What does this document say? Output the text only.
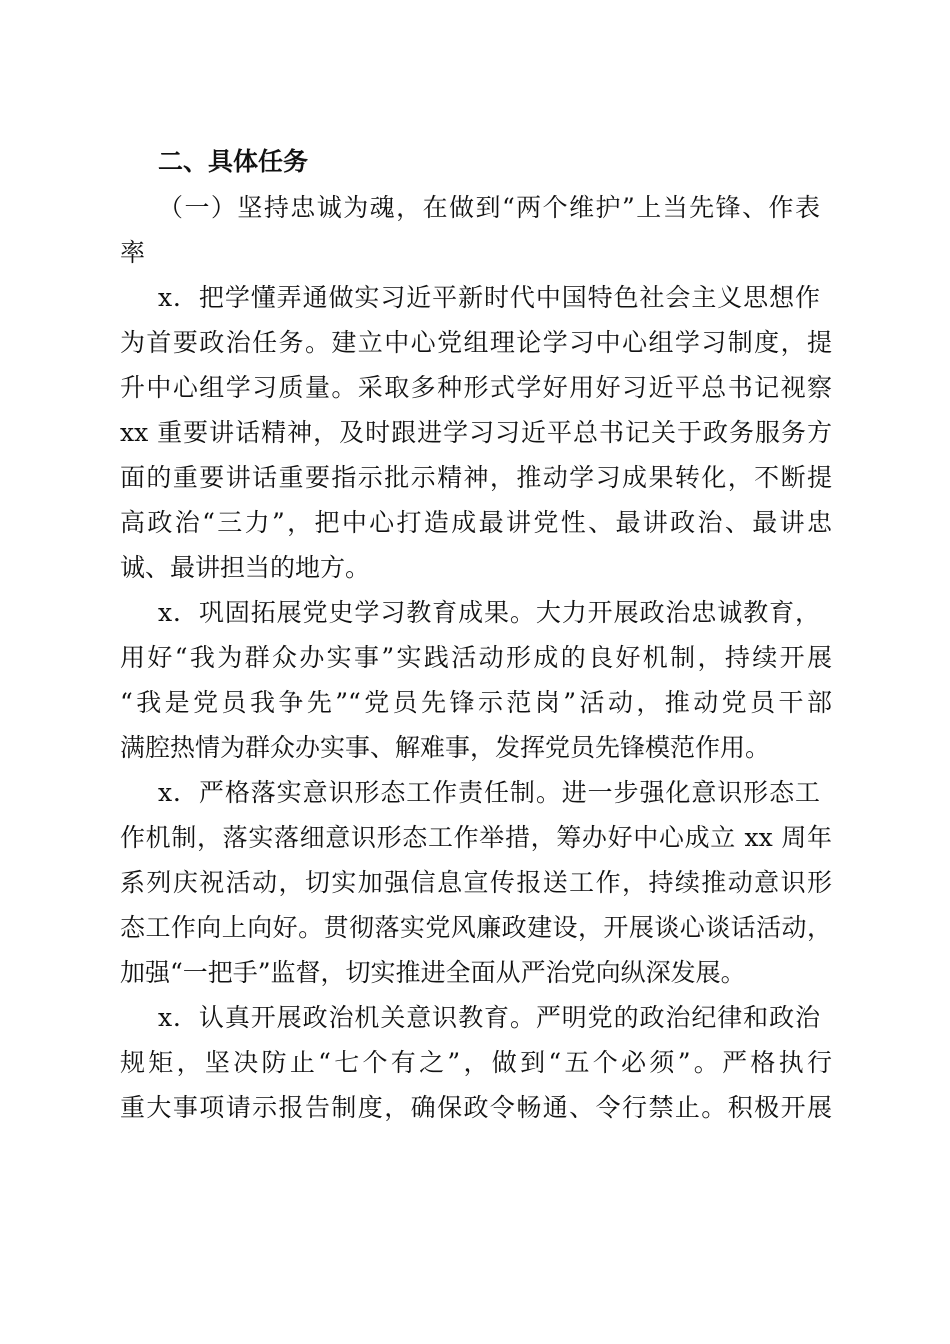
二、具体任务
（一）坚持忠诚为魂，在做到“两个维护”上当先锋、作表
率
x．把学懂弄通做实习近平新时代中国特色社会主义思想作
为首要政治任务。建立中心党组理论学习中心组学习制度，提
升中心组学习质量。采取多种形式学好用好习近平总书记视察
xx 重要讲话精神，及时跟进学习习近平总书记关于政务服务方
面的重要讲话重要指示批示精神，推动学习成果转化，不断提
高政治“三力”，把中心打造成最讲党性、最讲政治、最讲忠
诚、最讲担当的地方。
x．巩固拓展党史学习教育成果。大力开展政治忠诚教育，
用好“我为群众办实事”实践活动形成的良好机制，持续开展
“我是党员我争先”“党员先锋示范岗”活动，推动党员干部
满腔热情为群众办实事、解难事，发挥党员先锋模范作用。
x．严格落实意识形态工作责任制。进一步强化意识形态工
作机制，落实落细意识形态工作举措，筹办好中心成立 xx 周年
系列庆祝活动，切实加强信息宣传报送工作，持续推动意识形
态工作向上向好。贯彻落实党风廉政建设，开展谈心谈话活动，
加强“一把手”监督，切实推进全面从严治党向纵深发展。
x．认真开展政治机关意识教育。严明党的政治纪律和政治
规矩，坚决防止“七个有之”，做到“五个必须”。严格执行
重大事项请示报告制度，确保政令畅通、令行禁止。积极开展
